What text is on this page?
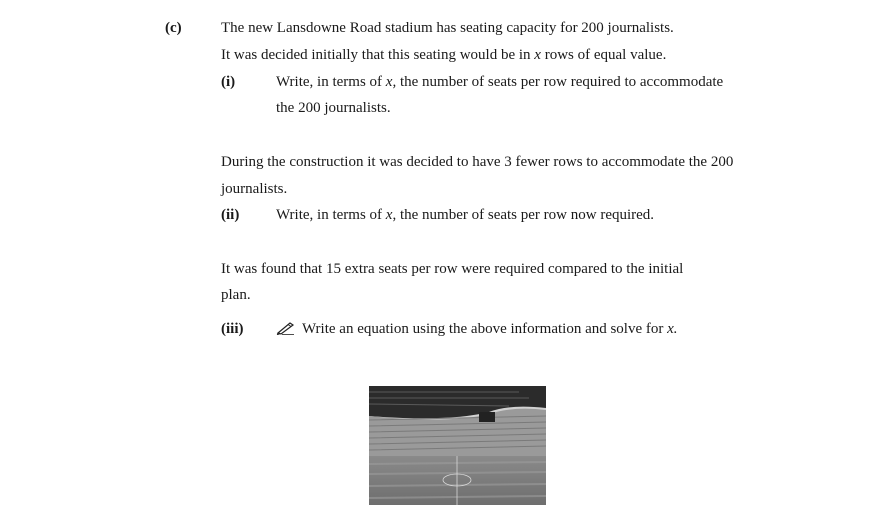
(c)	The new Lansdowne Road stadium has seating capacity for 200 journalists.
It was decided initially that this seating would be in x rows of equal value.
(i)	Write, in terms of x, the number of seats per row required to accommodate
the 200 journalists.
During the construction it was decided to have 3 fewer rows to accommodate the 200
journalists.
(ii) Write, in terms of x, the number of seats per row now required.
It was found that 15 extra seats per row were required compared to the initial
plan.
(iii)	Write an equation using the above information and solve for x.
